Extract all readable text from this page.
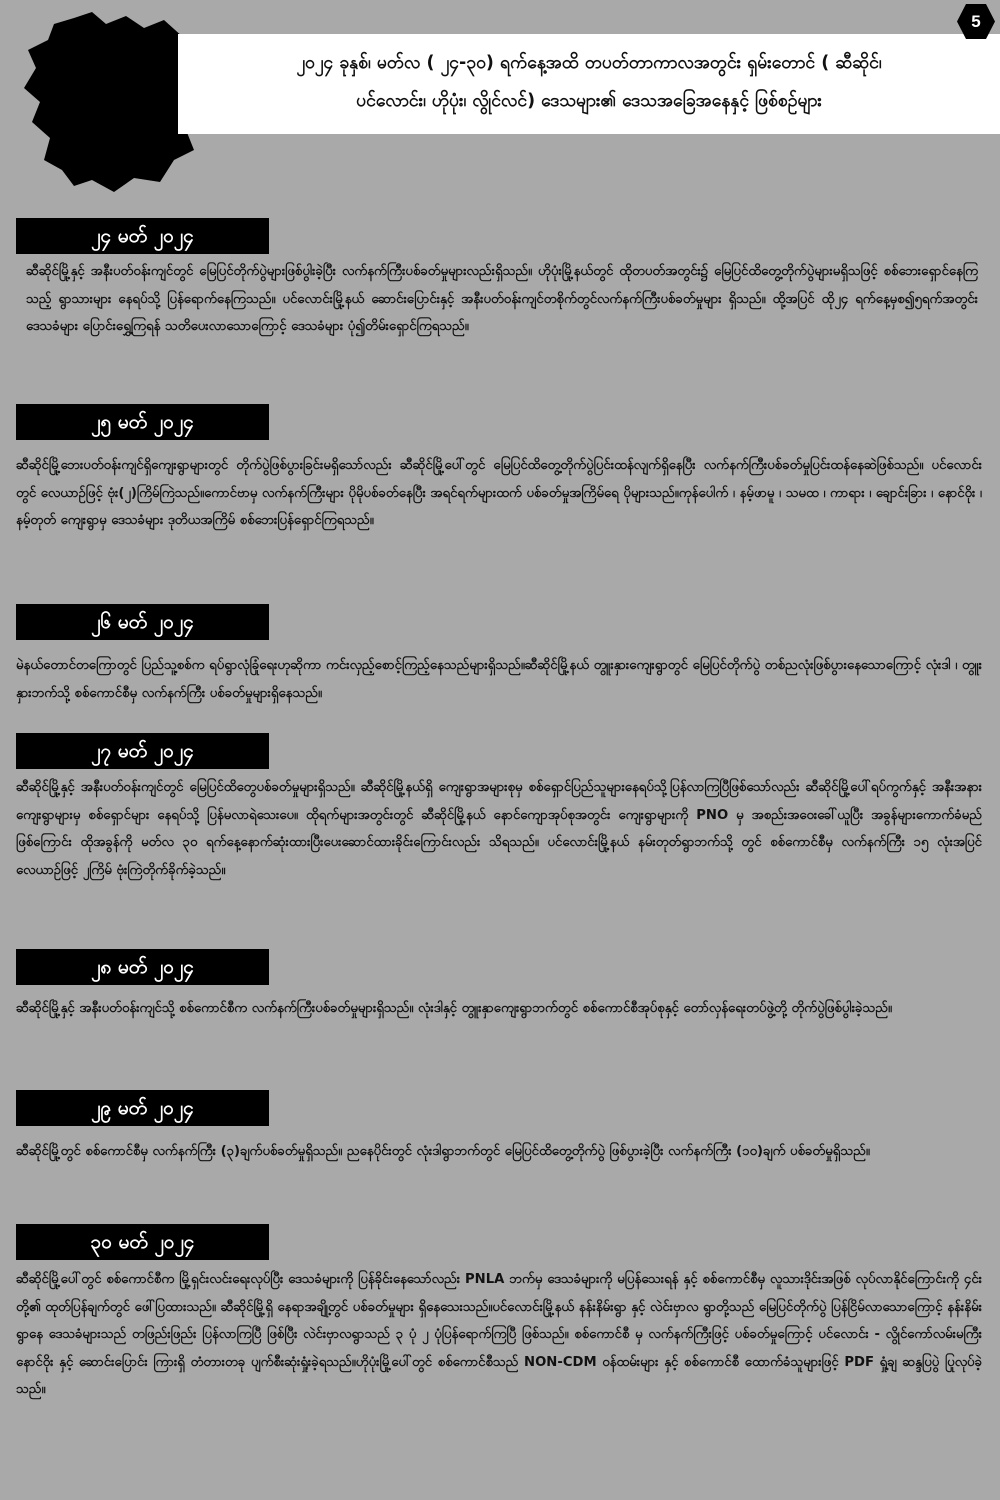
၂၀၂၄ ခုနှစ်၊ မတ်လ ( ၂၄-၃၀) ရက်နေ့အထိ တပတ်တာကာလအတွင်း ရှမ်းတောင် ( ဆီဆိုင်၊
ပင်လောင်း၊ ဟိုပုံး၊ လွိုင်လင်) ဒေသများ၏ ဒေသအခြေအနေနှင့် ဖြစ်စဉ်များ
5
၂၄ မတ် ၂၀၂၄
ဆီဆိုင်မြို့နှင့် အနီးပတ်ဝန်းကျင်တွင် မြေပြင်တိုက်ပွဲများဖြစ်ပွါးခဲ့ပြီး လက်နက်ကြီးပစ်ခတ်မှုများလည်းရှိသည်။ ဟိုပုံးမြို့နယ်တွင် ထိုတပတ်အတွင်း၌ မြေပြင်ထိတွေ့တိုက်ပွဲများမရှိသဖြင့် စစ်ဘေးရှောင်နေကြသည့် ရွာသားများ နေရပ်သို့ ပြန်ရောက်နေကြသည်။ ပင်လောင်းမြို့နယ် ဆောင်းပြောင်းနှင့် အနီးပတ်ဝန်းကျင်တစိုက်တွင်လက်နက်ကြီးပစ်ခတ်မှုများ ရှိသည်။ ထို့အပြင် ထို၂၄ ရက်နေ့မှစ၍၅ရက်အတွင်း ဒေသခံများ ပြောင်းရွှေ့ကြရန် သတိပေးလာသောကြောင့် ဒေသခံများ ပုံ၍တိမ်းရှောင်ကြရသည်။
၂၅ မတ် ၂၀၂၄
ဆီဆိုင်မြို့ဘေးပတ်ဝန်းကျင်ရှိကျေးရွာများတွင် တိုက်ပွဲဖြစ်ပွားခြင်းမရှိသော်လည်း ဆီဆိုင်မြို့ပေါ်တွင် မြေပြင်ထိတွေ့တိုက်ပွဲပြင်းထန်လျက်ရှိနေပြီး လက်နက်ကြီးပစ်ခတ်မှုပြင်းထန်နေဆဲဖြစ်သည်။ ပင်လောင်းတွင် လေယာဉ်ဖြင့် ဗုံး(၂)ကြိမ်ကြဲသည်။ကောင်ဗာမှ လက်နက်ကြီးများ ပိုမိုပစ်ခတ်နေပြီး အရင်ရက်များထက် ပစ်ခတ်မှုအကြိမ်ရေ ပိုများသည်။ကုန်ပေါက် ၊ နမ့်ဖာမူ ၊ သမထ ၊ ကာရား ၊ ချောင်းခြား ၊ နောင်ဝိုး ၊ နမ့်တုတ် ကျေးရွာမှ ဒေသခံများ ဒုတိယအကြိမ် စစ်ဘေးပြန်ရှောင်ကြရသည်။
၂၆ မတ် ၂၀၂၄
မဲနယ်တောင်တကြောတွင် ပြည်သူ့စစ်က ရပ်ရွာလုံခြုံရေးဟုဆိုကာ ကင်းလှည့်စောင့်ကြည့်နေသည်များရှိသည်။ဆီဆိုင်မြို့နယ် တွူးနှားကျေးရွာတွင် မြေပြင်တိုက်ပွဲ တစ်ညလုံးဖြစ်ပွားနေသောကြောင့် လုံးဒါ ၊ တွူးနှားဘက်သို့ စစ်ကောင်စီမှ လက်နက်ကြီး ပစ်ခတ်မှုများရှိနေသည်။
၂၇ မတ် ၂၀၂၄
ဆီဆိုင်မြို့နှင့် အနီးပတ်ဝန်းကျင်တွင် မြေပြင်ထိတွေပစ်ခတ်မှုများရှိသည်။ ဆီဆိုင်မြို့နယ်ရှိ ကျေးရွာအများစုမှ စစ်ရှောင်ပြည်သူများနေရပ်သို့ပြန်လာကြပြီဖြစ်သော်လည်း ဆီဆိုင်မြို့ပေါ်ရပ်ကွက်နှင့် အနီးအနား ကျေးရွာများမှ စစ်ရှောင်များ နေရပ်သို့ ပြန်မလာရဲသေးပေ။ ထိုရက်များအတွင်းတွင် ဆီဆိုင်မြို့နယ် နောင်ကျောအုပ်စုအတွင်း ကျေးရွာများကို PNO မှ အစည်းအဝေးခေါ်ယူပြီး အခွန်များကောက်ခံမည်ဖြစ်ကြောင်း ထိုအခွန်ကို မတ်လ ၃၀ ရက်နေ့နောက်ဆုံးထားပြီးပေးဆောင်ထားခိုင်းကြောင်းလည်း သိရသည်။ ပင်လောင်းမြို့နယ် နမ်းတုတ်ရွာဘက်သို့ တွင် စစ်ကောင်စီမှ လက်နက်ကြီး ၁၅ လုံးအပြင် လေယာဉ်ဖြင့် ၂ကြိမ် ဗုံးကြဲတိုက်ခိုက်ခဲ့သည်။
၂၈ မတ် ၂၀၂၄
ဆီဆိုင်မြို့နှင့် အနီးပတ်ဝန်းကျင်သို့ စစ်ကောင်စီက လက်နက်ကြီးပစ်ခတ်မှုများရှိသည်။ လုံးဒါနှင့် တွူးနှာကျေးရွာဘက်တွင် စစ်ကောင်စီအုပ်စုနှင့် တော်လှန်ရေးတပ်ဖွဲ့တို့ တိုက်ပွဲဖြစ်ပွါးခဲ့သည်။
၂၉ မတ် ၂၀၂၄
ဆီဆိုင်မြို့တွင် စစ်ကောင်စီမှ လက်နက်ကြီး (၃)ချက်ပစ်ခတ်မှုရှိသည်။ ညနေပိုင်းတွင် လုံးဒါရွာဘက်တွင် မြေပြင်ထိတွေ့တိုက်ပွဲ ဖြစ်ပွားခဲ့ပြီး လက်နက်ကြီး (၁၀)ချက် ပစ်ခတ်မှုရှိသည်။
၃၀ မတ် ၂၀၂၄
ဆီဆိုင်မြို့ပေါ်တွင် စစ်ကောင်စီက မြို့ရှင်းလင်းရေးလုပ်ပြီး ဒေသခံများကို ပြန်ခိုင်းနေသော်လည်း PNLA ဘက်မှ ဒေသခံများကို မပြန်သေးရန် နှင့် စစ်ကောင်စီမှ လူသားဒိုင်းအဖြစ် လုပ်လာနိုင်ကြောင်းကို ၄င်းတို့၏ ထုတ်ပြန်ချက်တွင် ဖေါ်ပြထားသည်။ ဆီဆိုင်မြို့ရှိ နေရာအချို့တွင် ပစ်ခတ်မှုများ ရှိနေသေးသည်။ပင်လောင်းမြို့နယ် နန်းနိမ်းရွာ နှင့် လဲင်းဗှာလ ရွာတို့သည် မြေပြင်တိုက်ပွဲ ပြန်ငြိမ်လာသောကြောင့် နန်းနိမ်းရွာနေ ဒေသခံများသည် တဖြည်းဖြည်း ပြန်လာကြပြီ ဖြစ်ပြီး လဲင်းဗှာလရွာသည် ၃ ပုံ ၂ ပုံပြန်ရောက်ကြပြီ ဖြစ်သည်။ စစ်ကောင်စီ မှ လက်နက်ကြီးဖြင့် ပစ်ခတ်မှုကြောင့် ပင်လောင်း - လွိုင်ကော်လမ်းမကြီး နောင်ဝိုး နှင့် ဆောင်းပြောင်း ကြားရှိ တံတားတခု ပျက်စီးဆုံးရှုံးခဲ့ရသည်။ဟိုပုံးမြို့ပေါ်တွင် စစ်ကောင်စီသည် NON-CDM ဝန်ထမ်းများ နှင့် စစ်ကောင်စီ ထောက်ခံသူများဖြင့် PDF ရှုံ့ချ ဆန္ဒပြပွဲ ပြုလုပ်ခဲ့သည်။
